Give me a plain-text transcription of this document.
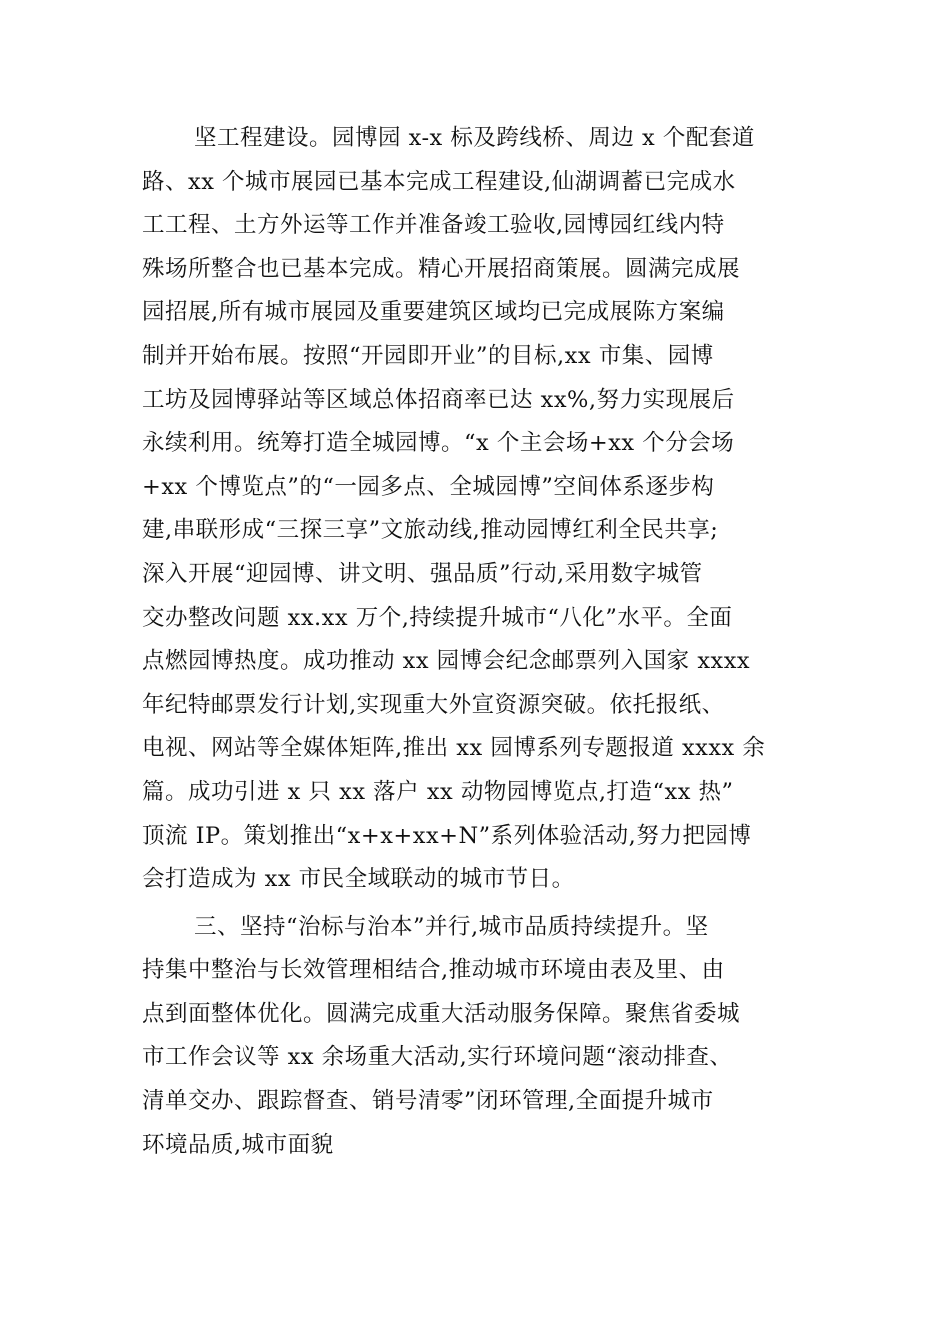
坚工程建设。园博园 x-x 标及跨线桥、周边 x 个配套道
路、xx 个城市展园已基本完成工程建设,仙湖调蓄已完成水
工工程、土方外运等工作并准备竣工验收,园博园红线内特
殊场所整合也已基本完成。精心开展招商策展。圆满完成展
园招展,所有城市展园及重要建筑区域均已完成展陈方案编
制并开始布展。按照“开园即开业”的目标,xx 市集、园博
工坊及园博驿站等区域总体招商率已达 xx%,努力实现展后
永续利用。统筹打造全城园博。“x 个主会场+xx 个分会场
+xx 个博览点”的“一园多点、全城园博”空间体系逐步构
建,串联形成“三探三享”文旅动线,推动园博红利全民共享;
深入开展“迎园博、讲文明、强品质”行动,采用数字城管
交办整改问题 xx.xx 万个,持续提升城市“八化”水平。全面
点燃园博热度。成功推动 xx 园博会纪念邮票列入国家 xxxx
年纪特邮票发行计划,实现重大外宣资源突破。依托报纸、
电视、网站等全媒体矩阵,推出 xx 园博系列专题报道 xxxx 余
篇。成功引进 x 只 xx 落户 xx 动物园博览点,打造“xx 热”
顶流 IP。策划推出“x+x+xx+N”系列体验活动,努力把园博
会打造成为 xx 市民全域联动的城市节日。
三、坚持“治标与治本”并行,城市品质持续提升。坚
持集中整治与长效管理相结合,推动城市环境由表及里、由
点到面整体优化。圆满完成重大活动服务保障。聚焦省委城
市工作会议等 xx 余场重大活动,实行环境问题“滚动排查、
清单交办、跟踪督查、销号清零”闭环管理,全面提升城市
环境品质,城市面貌
